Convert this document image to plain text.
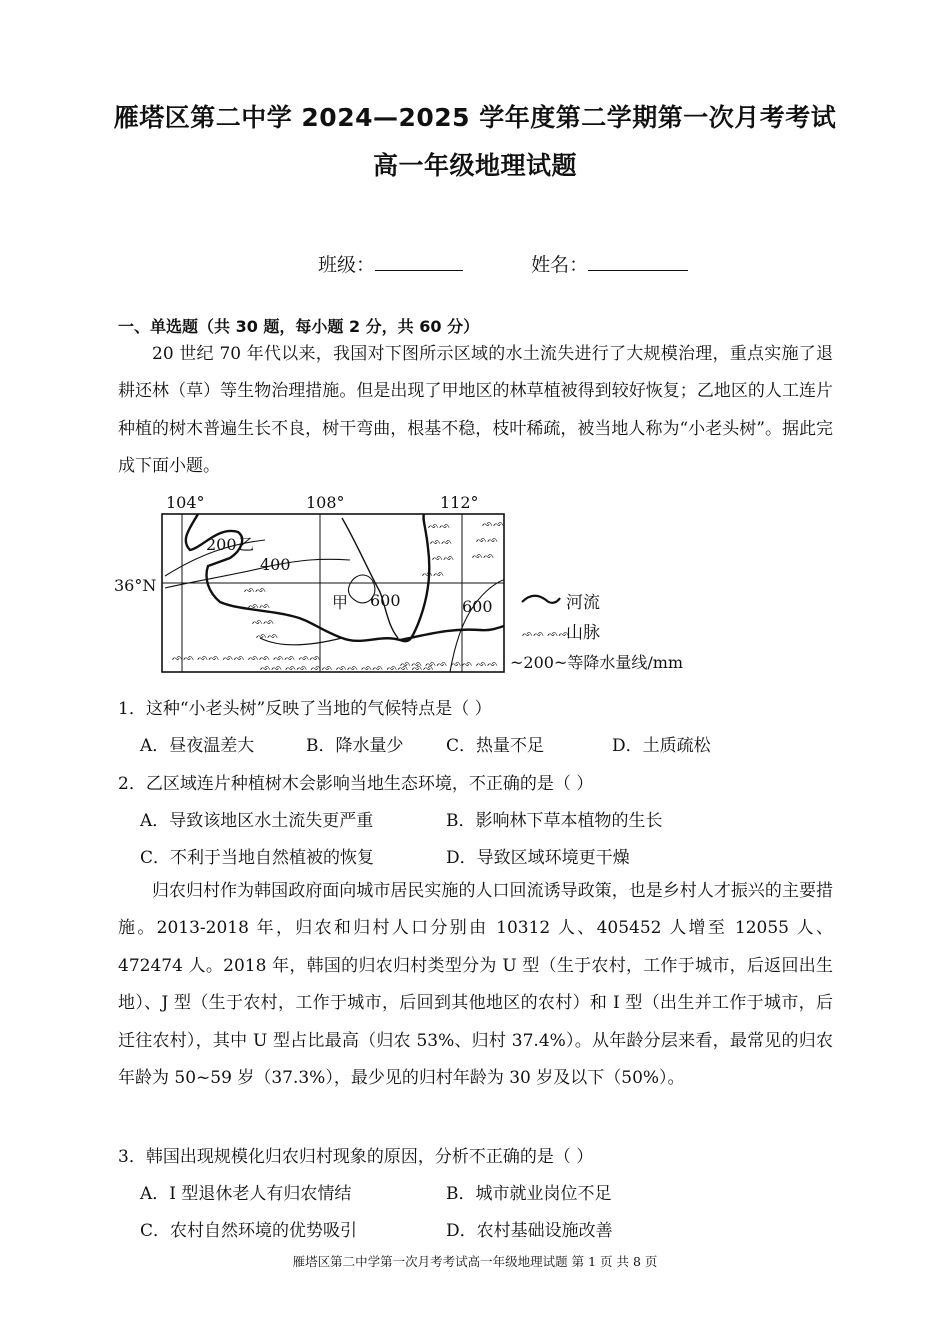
雁塔区第二中学 2024—2025 学年度第二学期第一次月考考试
高一年级地理试题
班级：	姓名：
一、单选题（共 30 题，每小题 2 分，共 60 分）

20 世纪 70 年代以来，我国对下图所示区域的水土流失进行了大规模治理，重点实施了退耕还林（草）等生物治理措施。但是出现了甲地区的林草植被得到较好恢复；乙地区的人工连片种植的树木普遍生长不良，树干弯曲，根基不稳，枝叶稀疏，被当地人称为“小老头树”。据此完成下面小题。

ᨒᨒ
ᨒᨒ
ᨒᨒ
ᨒᨒ
ᨒᨒ
ᨒᨒ
ᨒᨒ
ᨒᨒ
ᨒᨒ
ᨒᨒ
ᨒᨒ
ᨒᨒ ᨒᨒ ᨒᨒ ᨒᨒ ᨒᨒ ᨒᨒ
ᨒᨒ ᨒᨒ ᨒᨒ ᨒᨒ ᨒᨒ ᨒᨒ ᨒᨒ
ᨒᨒ ᨒᨒ ᨒᨒ ᨒᨒ
ᨒᨒ ᨒᨒ
104°	108°	112°
36°N
200 乙
400
甲 600	600	河流
山脉
~200~等降水量线/mm
1．这种“小老头树”反映了当地的气候特点是（ ）
A．昼夜温差大	B．降水量少	C．热量不足	D．土质疏松
2．乙区域连片种植树木会影响当地生态环境，不正确的是（ ）
A．导致该地区水土流失更严重	B．影响林下草本植物的生长
C．不利于当地自然植被的恢复	D．导致区域环境更干燥

归农归村作为韩国政府面向城市居民实施的人口回流诱导政策，也是乡村人才振兴的主要措施。2013-2018 年，归农和归村人口分别由 10312 人、405452 人增至 12055 人、472474 人。2018 年，韩国的归农归村类型分为 U 型（生于农村，工作于城市，后返回出生地）、J 型（生于农村，工作于城市，后回到其他地区的农村）和 I 型（出生并工作于城市，后迁往农村），其中 U 型占比最高（归农 53%、归村 37.4%）。从年龄分层来看，最常见的归农年龄为 50~59 岁（37.3%），最少见的归村年龄为 30 岁及以下（50%）。

3．韩国出现规模化归农归村现象的原因，分析不正确的是（ ）
A．I 型退休老人有归农情结	B．城市就业岗位不足
C．农村自然环境的优势吸引	D．农村基础设施改善
雁塔区第二中学第一次月考考试高一年级地理试题 第 1 页 共 8 页
